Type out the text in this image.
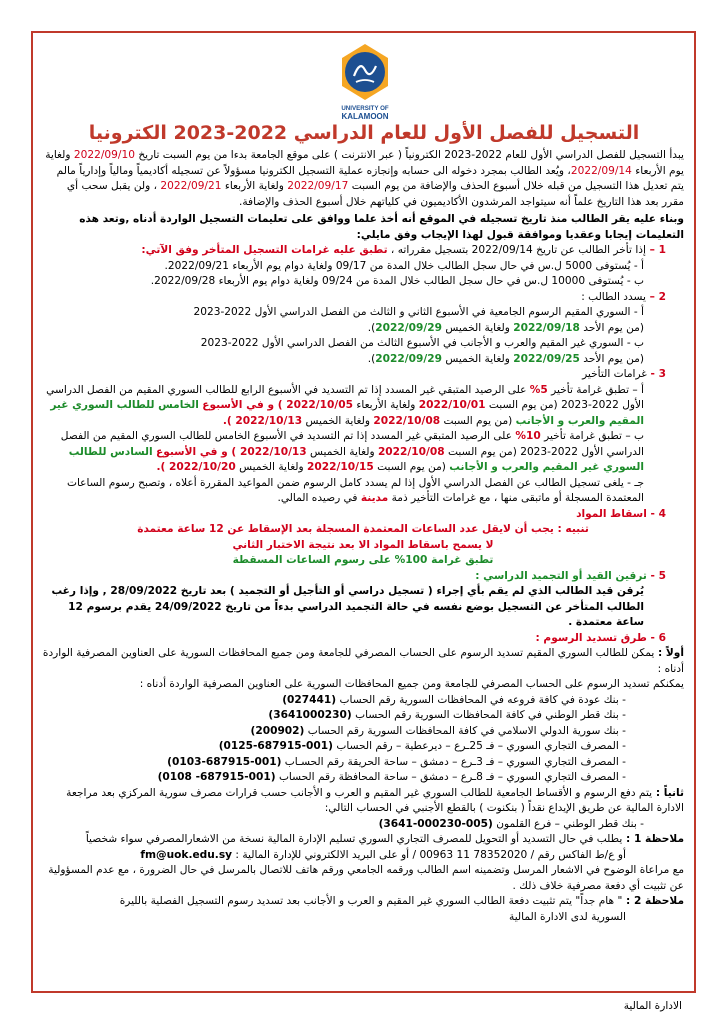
UNIVERSITY OF
KALAMOON
التسجيل للفصل الأول للعام الدراسي 2022-2023 الكترونيا

يبدأ التسجيل للفصل الدراسي الأول للعام 2022-2023 الكترونياً ( عبر الانترنت ) على موقع الجامعة بدءا من يوم السبت تاريخ 2022/09/10 ولغاية يوم الأربعاء 2022/09/14، ويُعد الطالب بمجرد دخوله الى حسابه وإنجازه عملية التسجيل الكترونيا مسؤولاً عن تسجيله أكاديمياً ومالياً وإدارياً مالم يتم تعديل هذا التسجيل من قبله خلال أسبوع الحذف والإضافة من يوم السبت 2022/09/17 ولغاية الأربعاء 2022/09/21 ، ولن يقبل سحب أي مقرر بعد هذا التاريخ علماً أنه سيتواجد المرشدون الأكاديميون في كلياتهم خلال أسبوع الحذف والإضافة.

وبناء عليه يقر الطالب منذ تاريخ تسجيله في الموقع أنه أخذ علما ووافق على تعليمات التسجيل الواردة أدناه ,وتعد هذه التعليمات إيجابا وعقديا وموافقة قبول لهذا الإيجاب وفق مايلي:

1 – إذا تأخر الطالب عن تاريخ 2022/09/14 بتسجيل مقرراته ، تطبق عليه غرامات التسجيل المتأخر وفق الآتي:

أ - يُستوفى 5000 ل.س في حال سجل الطالب خلال المدة من 09/17 ولغاية دوام يوم الأربعاء 2022/09/21.

ب - يُستوفى 10000 ل.س في حال سجل الطالب خلال المدة من 09/24 ولغاية دوام يوم الأربعاء 2022/09/28.

2 – يسدد الطالب :

أ - السوري المقيم الرسوم الجامعية في الأسبوع الثاني و الثالث من الفصل الدراسي الأول 2022-2023

(من يوم الأحد 2022/09/18 ولغاية الخميس 2022/09/29).

ب - السوري غير المقيم والعرب و الأجانب في الأسبوع الثالث من الفصل الدراسي الأول 2022-2023

(من يوم الأحد 2022/09/25 ولغاية الخميس 2022/09/29).

3 - غرامات التأخير

أ – تطبق غرامة تأخير 5% على الرصيد المتبقي غير المسدد إذا تم التسديد في الأسبوع الرابع للطالب السوري المقيم من الفصل الدراسي الأول 2022-2023 (من يوم السبت 2022/10/01 ولغاية الأربعاء 2022/10/05 ) و في الأسبوع الخامس للطالب السوري غير المقيم والعرب و الأجانب (من يوم السبت 2022/10/08 ولغاية الخميس 2022/10/13 ).

ب – تطبق غرامة تأخير 10% على الرصيد المتبقي غير المسدد إذا تم التسديد في الأسبوع الخامس للطالب السوري المقيم من الفصل الدراسي الأول 2022-2023 (من يوم السبت 2022/10/08 ولغاية الخميس 2022/10/13 ) و في الأسبوع السادس للطالب السوري غير المقيم والعرب و الأجانب (من يوم السبت 2022/10/15 ولغاية الخميس 2022/10/20 ).

جـ - يلغى تسجيل الطالب عن الفصل الدراسي الأول إذا لم يسدد كامل الرسوم ضمن المواعيد المقررة أعلاه ، وتصبح رسوم الساعات المعتمدة المسجلة أو ماتبقى منها ، مع غرامات التأخير ذمة مدينة في رصيده المالي.

4 - اسقاط المواد

تنبيه : يجب أن لايقل عدد الساعات المعتمدة المسجلة بعد الإسقاط عن 12 ساعة معتمدة

لا يسمح باسقاط المواد الا بعد نتيجة الاختبار الثاني

تطبق غرامة 100% على رسوم الساعات المسقطة

5 - ترقين القيد أو التجميد الدراسي :

يُرقن قيد الطالب الذي لم يقم بأي إجراء ( تسجيل دراسي أو التأجيل أو التجميد ) بعد تاريخ 28/09/2022 , وإذا رغب الطالب المتأخر عن التسجيل بوضع نفسه في حالة التجميد الدراسي بدءاً من تاريخ 24/09/2022 يقدم برسوم 12 ساعة معتمدة .

6 - طرق تسديد الرسوم :

أولاً : يمكن للطالب السوري المقيم تسديد الرسوم على الحساب المصرفي للجامعة ومن جميع المحافظات السورية على العناوين المصرفية الواردة أدناه :

يمكنكم تسديد الرسوم على الحساب المصرفي للجامعة ومن جميع المحافظات السورية على العناوين المصرفية الواردة أدناه :

- بنك عودة في كافة فروعه في المحافظات السورية رقم الحساب (027441)

- بنك قطر الوطني في كافة المحافظات السورية رقم الحساب (3641000230)

- بنك سورية الدولي الاسلامي في كافة المحافظات السورية رقم الحساب (200902)

- المصرف التجاري السوري – فـ 25ـرع – ديرعطية – رقم الحساب (0125-687915-001)

- المصرف التجاري السوري – فـ 3ـرع – دمشق – ساحة الحريقة رقم الحسـاب (0103-687915-001)

- المصرف التجاري السوري – فـ 8ـرع – دمشق – ساحة المحافظة رقم الحساب (0108 -687915-001)

ثانياً : يتم دفع الرسوم و الأقساط الجامعية للطالب السوري غير المقيم و العرب و الأجانب حسب قرارات مصرف سورية المركزي بعد مراجعة الادارة المالية عن طريق الإيداع نقداً ( بنكنوت ) بالقطع الأجنبي في الحساب التالي:

- بنك قطر الوطني – فرع القلمون (3641-000230-005)

ملاحظة 1 : يطلب في حال التسديد أو التحويل للمصرف التجاري السوري تسليم الإدارة المالية نسخة من الاشعارالمصرفي سواء شخصياً

أو ع/ط الفاكس رقم / 78352020 11 00963 / أو على البريد الالكتروني للإدارة المالية : fm@uok.edu.sy

مع مراعاة الوضوح في الاشعار المرسل وتضمينه اسم الطالب ورقمه الجامعي ورقم هاتف للاتصال بالمرسل في حال الضرورة ، مع عدم المسؤولية عن تثبيت أي دفعة مصرفية خلاف ذلك .

ملاحظة 2 : " هام جداً" يتم تثبيت دفعة الطالب السوري غير المقيم و العرب و الأجانب بعد تسديد رسوم التسجيل الفصلية بالليرة

السورية لدى الادارة المالية

الادارة المالية
